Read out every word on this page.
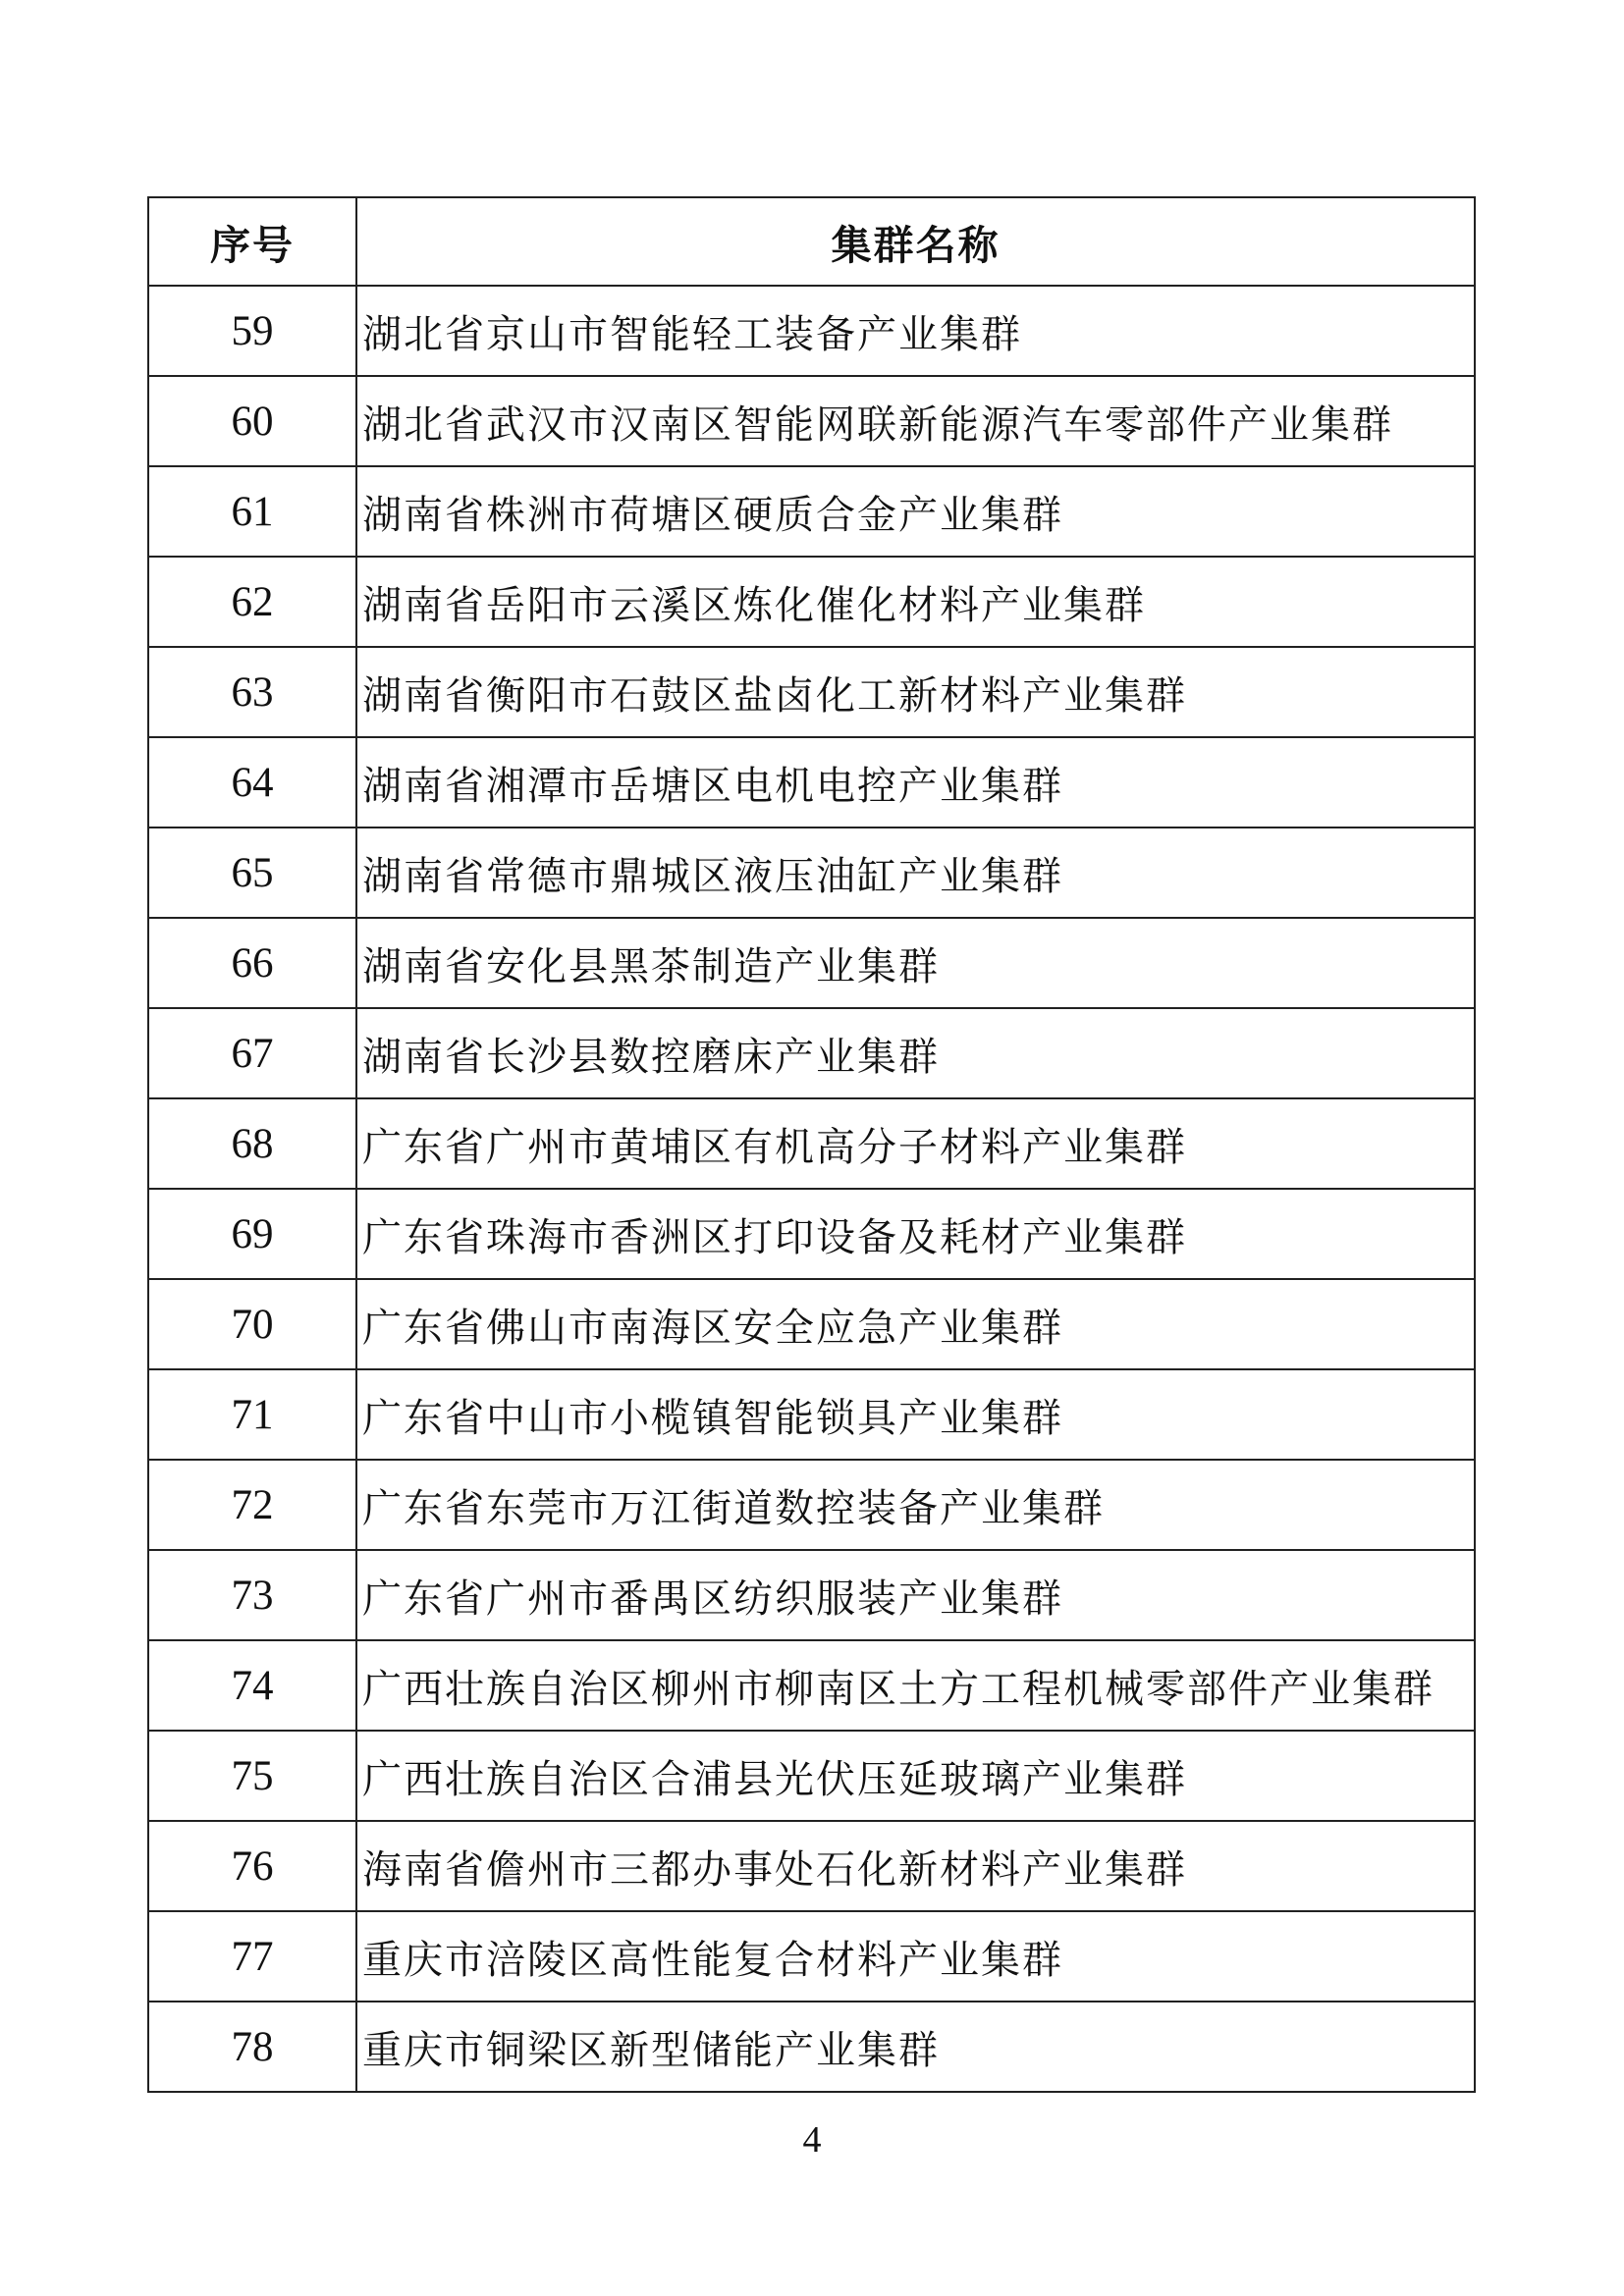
序号	集群名称
59	湖北省京山市智能轻工装备产业集群
60	湖北省武汉市汉南区智能网联新能源汽车零部件产业集群
61	湖南省株洲市荷塘区硬质合金产业集群
62	湖南省岳阳市云溪区炼化催化材料产业集群
63	湖南省衡阳市石鼓区盐卤化工新材料产业集群
64	湖南省湘潭市岳塘区电机电控产业集群
65	湖南省常德市鼎城区液压油缸产业集群
66	湖南省安化县黑茶制造产业集群
67	湖南省长沙县数控磨床产业集群
68	广东省广州市黄埔区有机高分子材料产业集群
69	广东省珠海市香洲区打印设备及耗材产业集群
70	广东省佛山市南海区安全应急产业集群
71	广东省中山市小榄镇智能锁具产业集群
72	广东省东莞市万江街道数控装备产业集群
73	广东省广州市番禺区纺织服装产业集群
74	广西壮族自治区柳州市柳南区土方工程机械零部件产业集群
75	广西壮族自治区合浦县光伏压延玻璃产业集群
76	海南省儋州市三都办事处石化新材料产业集群
77	重庆市涪陵区高性能复合材料产业集群
78	重庆市铜梁区新型储能产业集群
4
